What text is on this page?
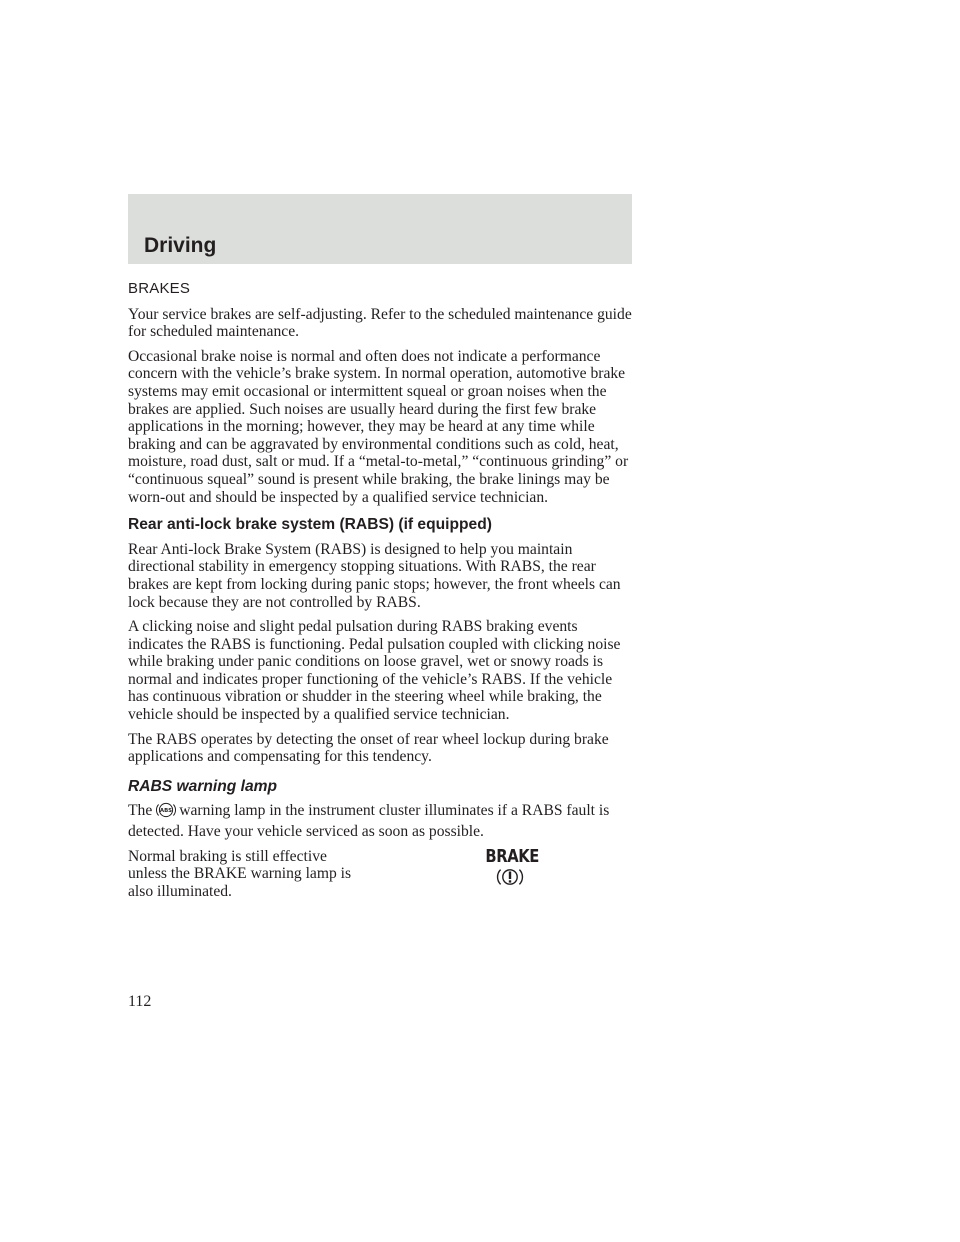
Driving
BRAKES

Your service brakes are self-adjusting. Refer to the scheduled maintenance guide for scheduled maintenance.

Occasional brake noise is normal and often does not indicate a performance concern with the vehicle’s brake system. In normal operation, automotive brake systems may emit occasional or intermittent squeal or groan noises when the brakes are applied. Such noises are usually heard during the first few brake applications in the morning; however, they may be heard at any time while braking and can be aggravated by environmental conditions such as cold, heat, moisture, road dust, salt or mud. If a “metal-to-metal,” “continuous grinding” or “continuous squeal” sound is present while braking, the brake linings may be worn-out and should be inspected by a qualified service technician.

Rear anti-lock brake system (RABS) (if equipped)

Rear Anti-lock Brake System (RABS) is designed to help you maintain directional stability in emergency stopping situations. With RABS, the rear brakes are kept from locking during panic stops; however, the front wheels can lock because they are not controlled by RABS.

A clicking noise and slight pedal pulsation during RABS braking events indicates the RABS is functioning. Pedal pulsation coupled with clicking noise while braking under panic conditions on loose gravel, wet or snowy roads is normal and indicates proper functioning of the vehicle’s RABS. If the vehicle has continuous vibration or shudder in the steering wheel while braking, the vehicle should be inspected by a qualified service technician.

The RABS operates by detecting the onset of rear wheel lockup during brake applications and compensating for this tendency.

RABS warning lamp

The ABS warning lamp in the instrument cluster illuminates if a RABS fault is detected. Have your vehicle serviced as soon as possible.

Normal braking is still effective unless the BRAKE warning lamp is also illuminated.

BRAKE
112
